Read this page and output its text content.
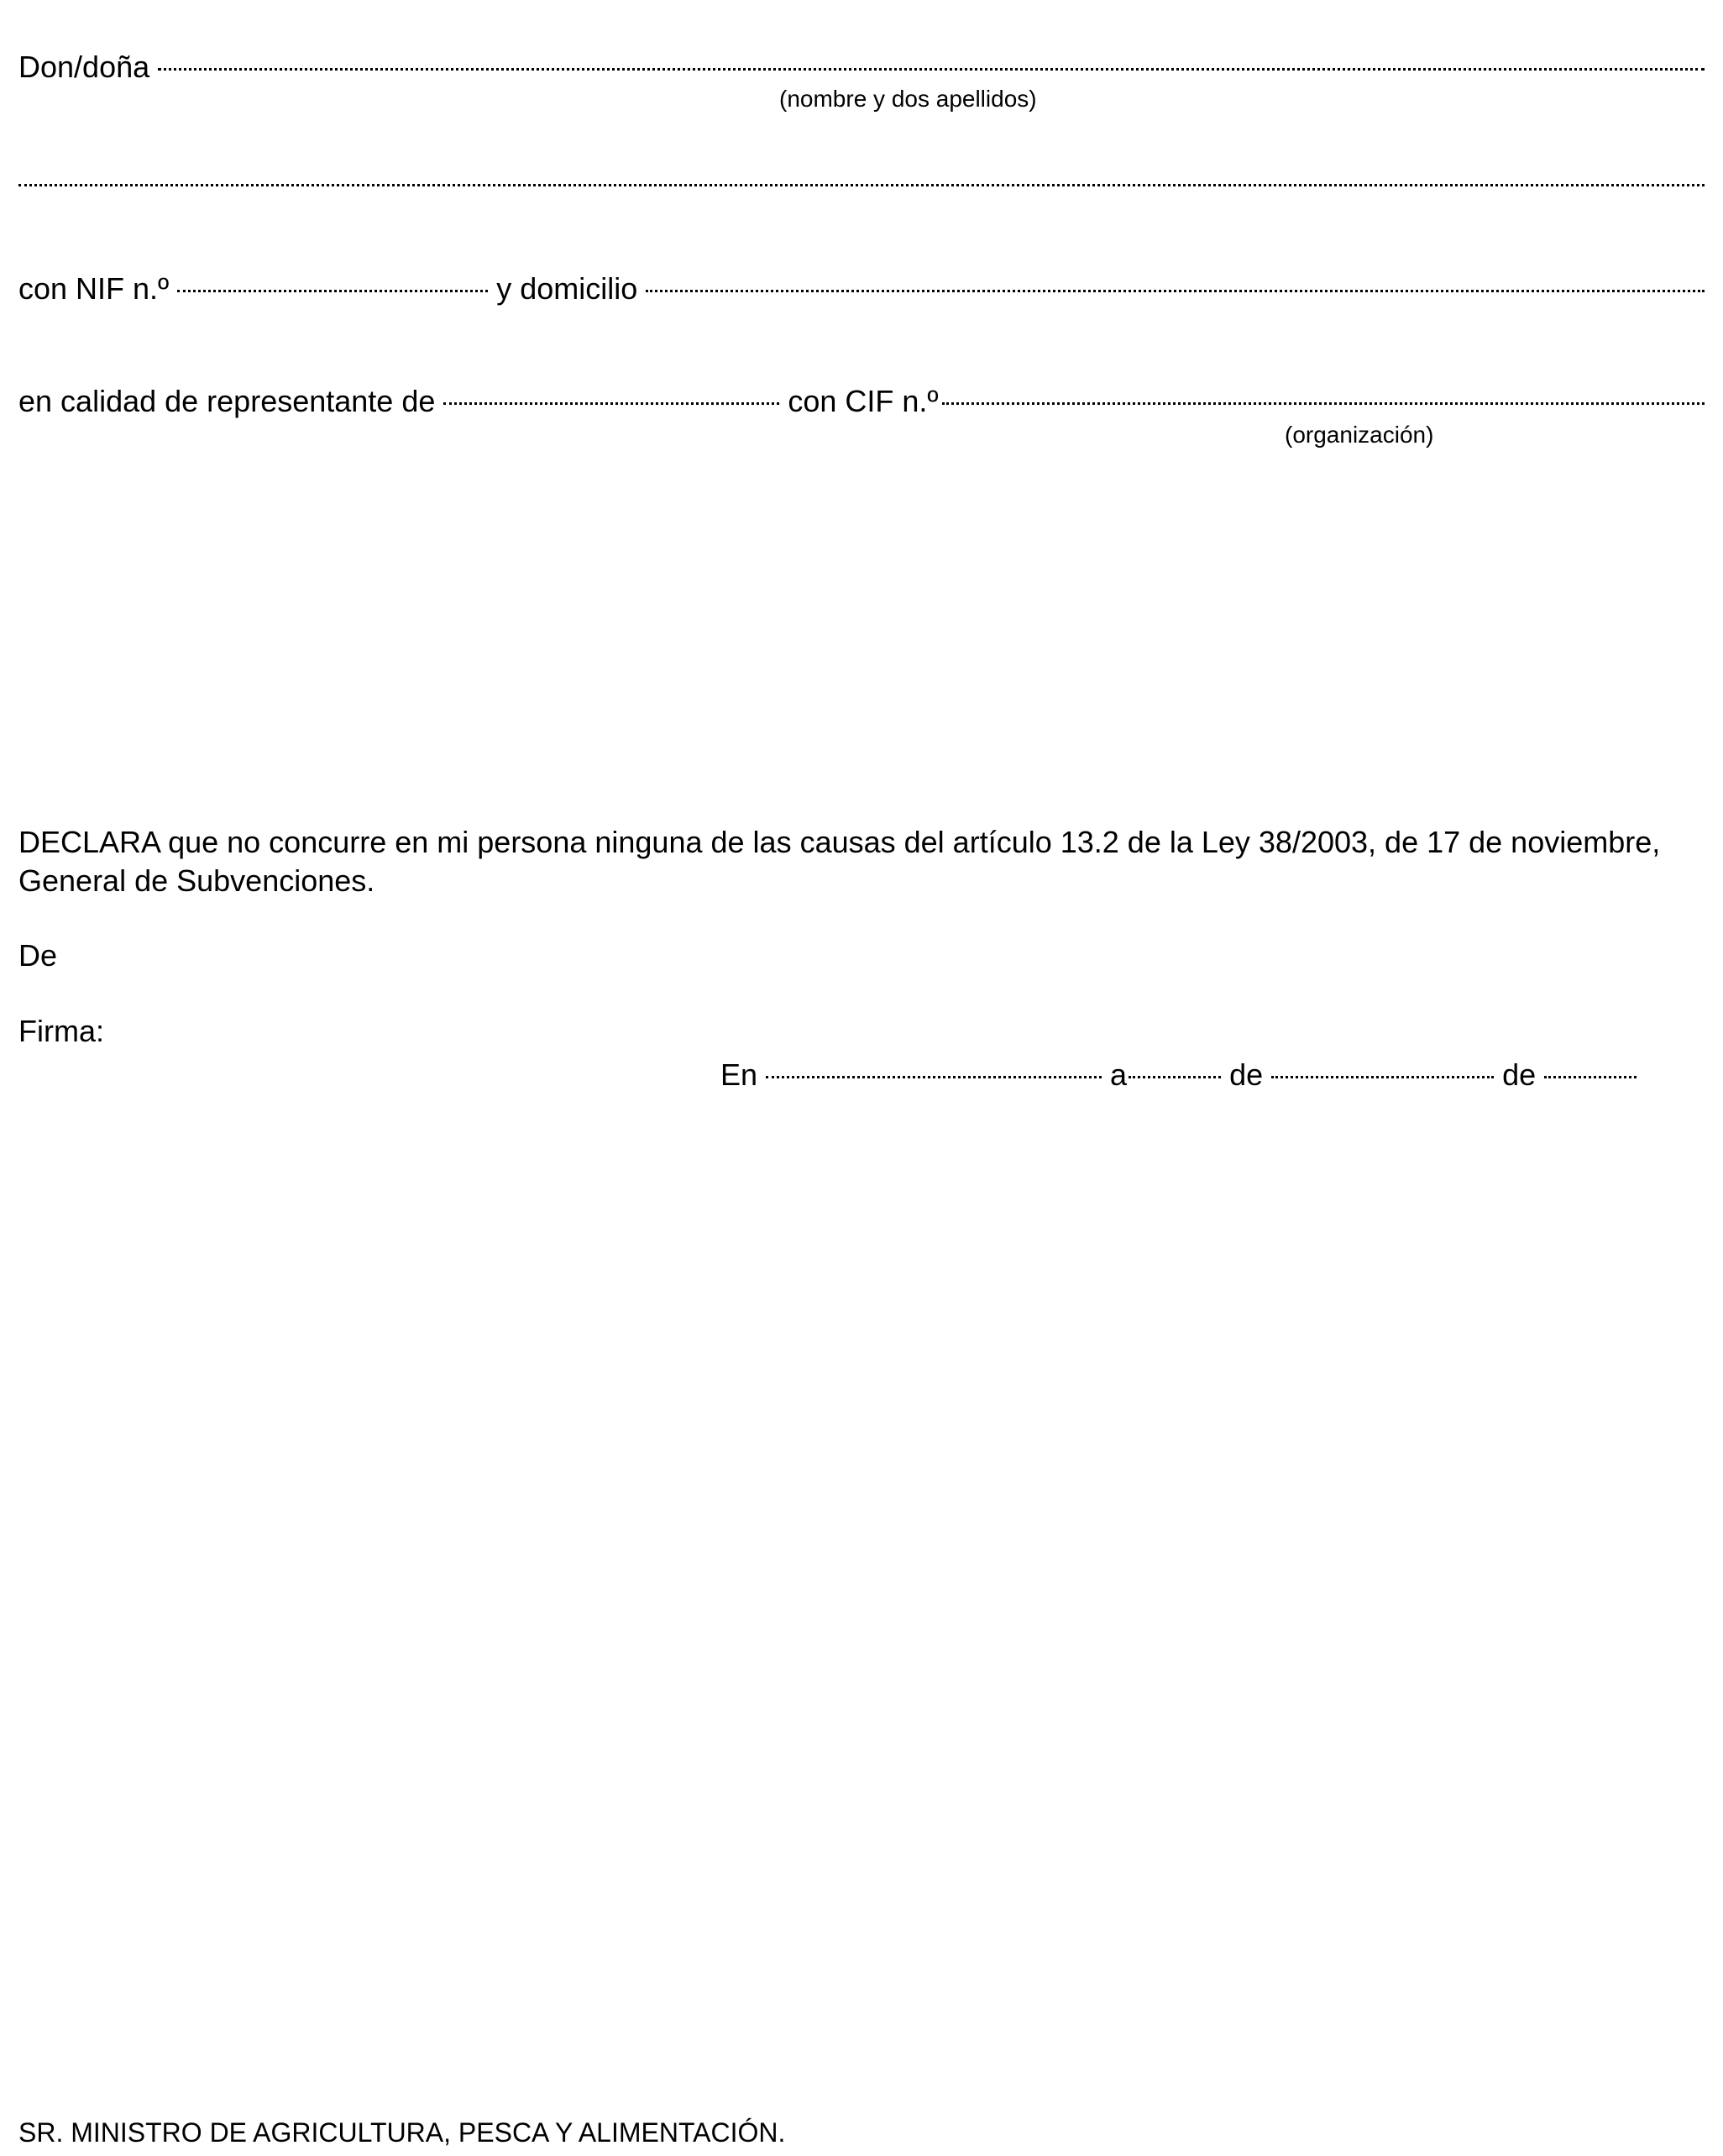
Don/doña
(nombre y dos apellidos)
con NIF n.º	y domicilio
en calidad de representante de	con CIF n.º
(organización)
DECLARA que no concurre en mi persona ninguna de las causas del artículo 13.2 de la Ley 38/2003, de 17 de noviembre, General de Subvenciones.
De
Firma:
En	a	de	de
SR. MINISTRO DE AGRICULTURA, PESCA Y ALIMENTACIÓN.
